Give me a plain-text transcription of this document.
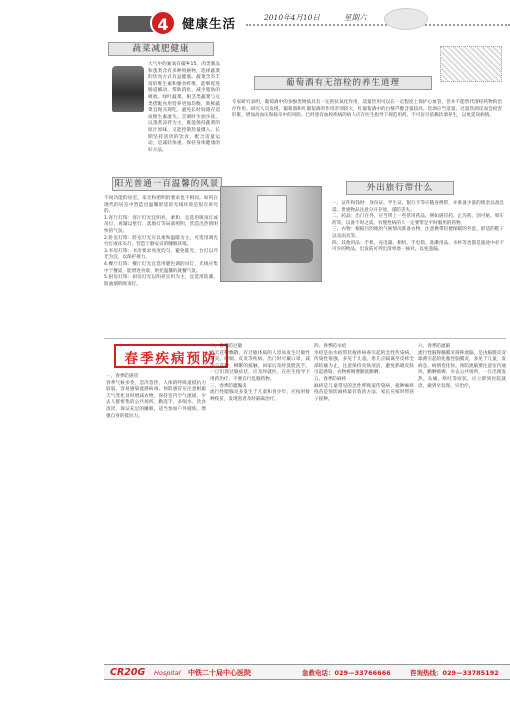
4	健康生活	2010年4月10日	星期六
蔬菜减肥健康
大气中的氟氧有碳乡15、肉类制品和蛋类含有多种致癌物，选择蔬菜的饮食方式有益健康。蔬菜含有丰富的维生素和膳食纤维，能够促进肠道蠕动，帮助消化，减少脂肪的吸收。绿叶蔬菜、根茎类蔬菜与豆类搭配食用营养更加均衡，新鲜蔬菜宜现买现吃，避免长时间储存造成维生素流失。烹调时少油少盐，以蒸煮凉拌为主，既能保持蔬菜的原汁原味，又能控制热量摄入。长期坚持清淡的饮食，配合适量运动，是减轻体重、保持身体健康的好方法。
葡萄酒有无溶栓的养生道理
专家研究表明，葡萄酒中的多酚类物质具有一定的抗氧化作用，适量饮用可以在一定程度上保护心血管，但并不能替代溶栓药物的治疗作用。研究人员发现，葡萄酒和红葡萄酒的作用差别较大，红葡萄酒中的白藜芦醇含量较高。饮酒应当适量，过量饮酒反而会损害肝脏，增加高血压和脑卒中的风险。已经患有血栓疾病的病人应在医生指导下规范用药，不可盲目依赖饮酒养生，以免延误病情。
阳光普通一百温馨的风景
不同功能的居室，采光和照明的要求也不相同。如何在现代的居室中营造出温馨舒适的光线环境是很有讲究的。
1.客厅灯饰：客厅灯光宜明亮、柔和，宜选用吸顶灯或吊灯，再辅以壁灯、落地灯等局部照明，营造出热情明快的气氛。
2.卧室灯饰：卧室灯光应以柔和温暖为主，可选用调光台灯或床头灯，营造宁静安详的睡眠环境。
3.书房灯饰：书房要求亮度均匀，避免眩光，台灯以冷光为宜，以保护视力。
4.餐厅灯饰：餐厅灯光宜选用暖色调的吊灯，光线应集中于餐桌，能增进食欲、烘托温馨的就餐气氛。
5.厨房灯饰：厨房灯光以明亮实用为主，宜选用防潮、防油烟的吸顶灯。
外出旅行带什么
一、证件和钱财：身份证、学生证、银行卡等应随身携带，并准备少量的现金以备急需。贵重物品注意分开存放，谨防丢失。
二、药品：出门在外，应当带上一些常用药品，例如感冒药、止泻药、创可贴、晕车药等，以备不时之需。有慢性病的人一定要带足平时服用的药物。
三、衣物：根据目的地的气候情况准备衣物，注意携带轻便保暖的外套、舒适的鞋子以及雨具等。
四、其他用品：手机、充电器、相机、手电筒、洗漱用品、水杯等也都是旅途中必不可少的物品，出发前可列出清单逐一核对，以免遗漏。
春季疾病预防
一、春季防感冒
春季气候多变，忽冷忽热，人体的呼吸道抵抗力较弱，容易感染流感病毒。预防感冒应注意根据天气变化及时增减衣物，保持室内空气流通，少去人群密集的公共场所，勤洗手，多喝水，饮食清淡，保证充足的睡眠，适当参加户外锻炼，增强自身的抵抗力。
二、春季防过敏
春天花粉飘散，有过敏体质的人容易发生过敏性鼻炎、哮喘、皮炎等疾病。出门时可戴口罩，减少与花粉、柳絮的接触，回家后及时洗脸洗手。一旦出现过敏症状，应及时就医，在医生指导下用药治疗，不要自行乱服药物。
三、春季防腮腺炎
流行性腮腺炎多发生于儿童和青少年，应按时接种疫苗，发现患者及时隔离治疗。
四、春季防水痘
水痘是由水痘带状疱疹病毒引起的急性传染病，传染性很强，多见于儿童。患儿应隔离至皮疹全部结痂为止，注意保持皮肤清洁，避免抓破皮肤引起感染，衣物被褥要勤洗勤晒。
五、春季防麻疹
麻疹是儿童常见的急性呼吸道传染病，接种麻疹疫苗是预防麻疹最有效的方法，家长应按时带孩子接种。
六、春季防流脑
流行性脑脊髓膜炎简称流脑，是由脑膜炎双球菌引起的化脓性脑膜炎，多见于儿童，发病急，病情变化快。预防流脑要注意室内通风，勤晒被褥，少去公共场所，一旦出现发热、头痛、呕吐等症状，应立即到医院就诊，做到早发现、早治疗。
CR20G Hospital 中铁二十局中心医院	急救电话：029—33766666	咨询热线：029—33785192
